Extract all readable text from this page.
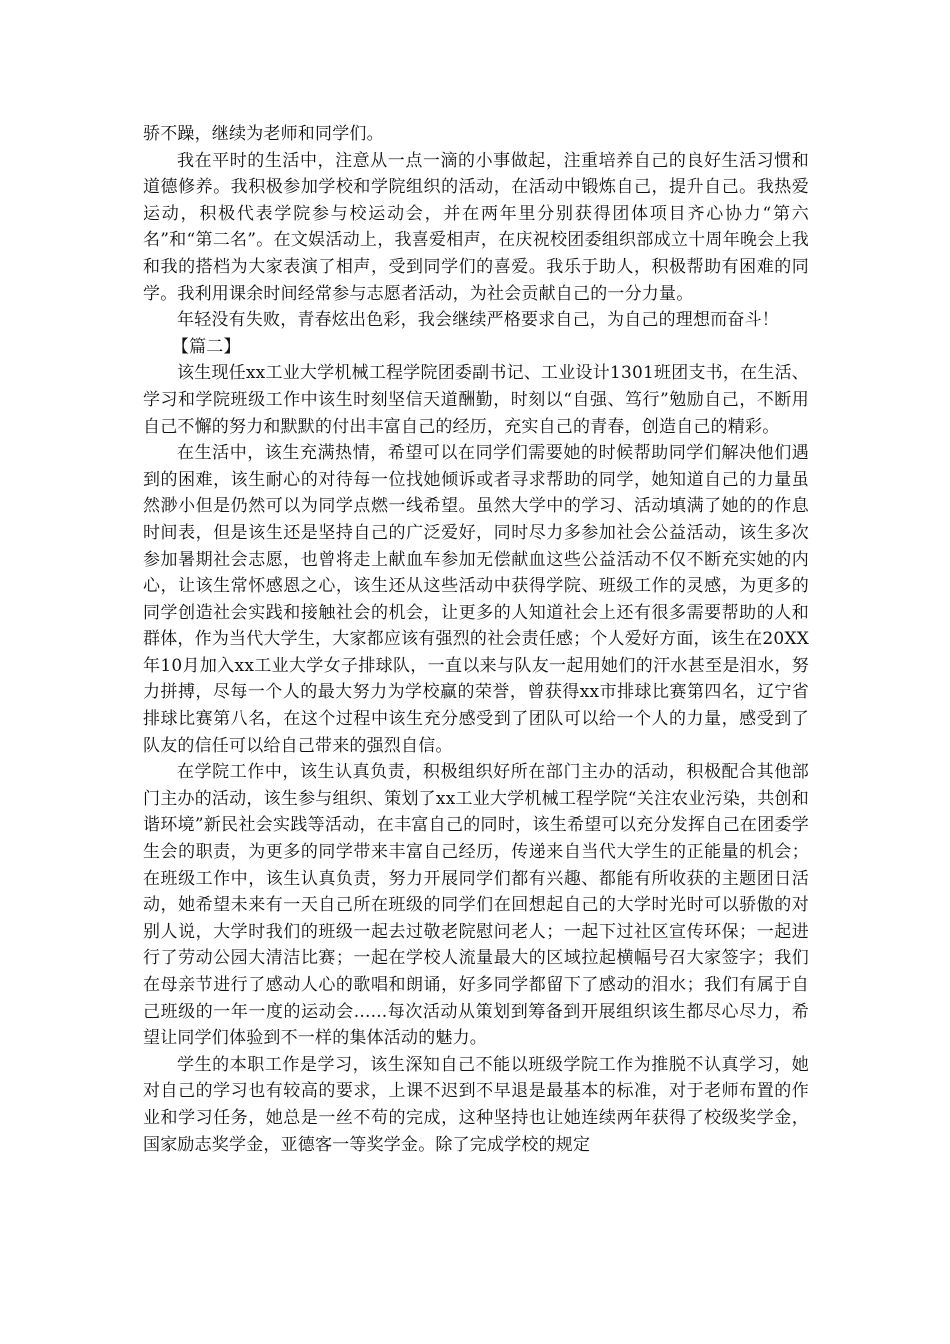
骄不躁，继续为老师和同学们。

我在平时的生活中，注意从一点一滴的小事做起，注重培养自己的良好生活习惯和道德修养。我积极参加学校和学院组织的活动，在活动中锻炼自己，提升自己。我热爱运动，积极代表学院参与校运动会，并在两年里分别获得团体项目齐心协力“第六名”和“第二名”。在文娱活动上，我喜爱相声，在庆祝校团委组织部成立十周年晚会上我和我的搭档为大家表演了相声，受到同学们的喜爱。我乐于助人，积极帮助有困难的同学。我利用课余时间经常参与志愿者活动，为社会贡献自己的一分力量。

年轻没有失败，青春炫出色彩，我会继续严格要求自己，为自己的理想而奋斗！

【篇二】

该生现任xx工业大学机械工程学院团委副书记、工业设计1301班团支书，在生活、学习和学院班级工作中该生时刻坚信天道酬勤，时刻以“自强、笃行”勉励自己，不断用自己不懈的努力和默默的付出丰富自己的经历，充实自己的青春，创造自己的精彩。

在生活中，该生充满热情，希望可以在同学们需要她的时候帮助同学们解决他们遇到的困难，该生耐心的对待每一位找她倾诉或者寻求帮助的同学，她知道自己的力量虽然渺小但是仍然可以为同学点燃一线希望。虽然大学中的学习、活动填满了她的的作息时间表，但是该生还是坚持自己的广泛爱好，同时尽力多参加社会公益活动，该生多次参加暑期社会志愿，也曾将走上献血车参加无偿献血这些公益活动不仅不断充实她的内心，让该生常怀感恩之心，该生还从这些活动中获得学院、班级工作的灵感，为更多的同学创造社会实践和接触社会的机会，让更多的人知道社会上还有很多需要帮助的人和群体，作为当代大学生，大家都应该有强烈的社会责任感；个人爱好方面，该生在20XX年10月加入xx工业大学女子排球队，一直以来与队友一起用她们的汗水甚至是泪水，努力拼搏，尽每一个人的最大努力为学校赢的荣誉，曾获得xx市排球比赛第四名，辽宁省排球比赛第八名，在这个过程中该生充分感受到了团队可以给一个人的力量，感受到了队友的信任可以给自己带来的强烈自信。

在学院工作中，该生认真负责，积极组织好所在部门主办的活动，积极配合其他部门主办的活动，该生参与组织、策划了xx工业大学机械工程学院“关注农业污染，共创和谐环境”新民社会实践等活动，在丰富自己的同时，该生希望可以充分发挥自己在团委学生会的职责，为更多的同学带来丰富自己经历，传递来自当代大学生的正能量的机会；在班级工作中，该生认真负责，努力开展同学们都有兴趣、都能有所收获的主题团日活动，她希望未来有一天自己所在班级的同学们在回想起自己的大学时光时可以骄傲的对别人说，大学时我们的班级一起去过敬老院慰问老人；一起下过社区宣传环保；一起进行了劳动公园大清洁比赛；一起在学校人流量最大的区域拉起横幅号召大家签字；我们在母亲节进行了感动人心的歌唱和朗诵，好多同学都留下了感动的泪水；我们有属于自己班级的一年一度的运动会......每次活动从策划到筹备到开展组织该生都尽心尽力，希望让同学们体验到不一样的集体活动的魅力。

学生的本职工作是学习，该生深知自己不能以班级学院工作为推脱不认真学习，她对自己的学习也有较高的要求，上课不迟到不早退是最基本的标准，对于老师布置的作业和学习任务，她总是一丝不苟的完成，这种坚持也让她连续两年获得了校级奖学金，国家励志奖学金，亚德客一等奖学金。除了完成学校的规定
